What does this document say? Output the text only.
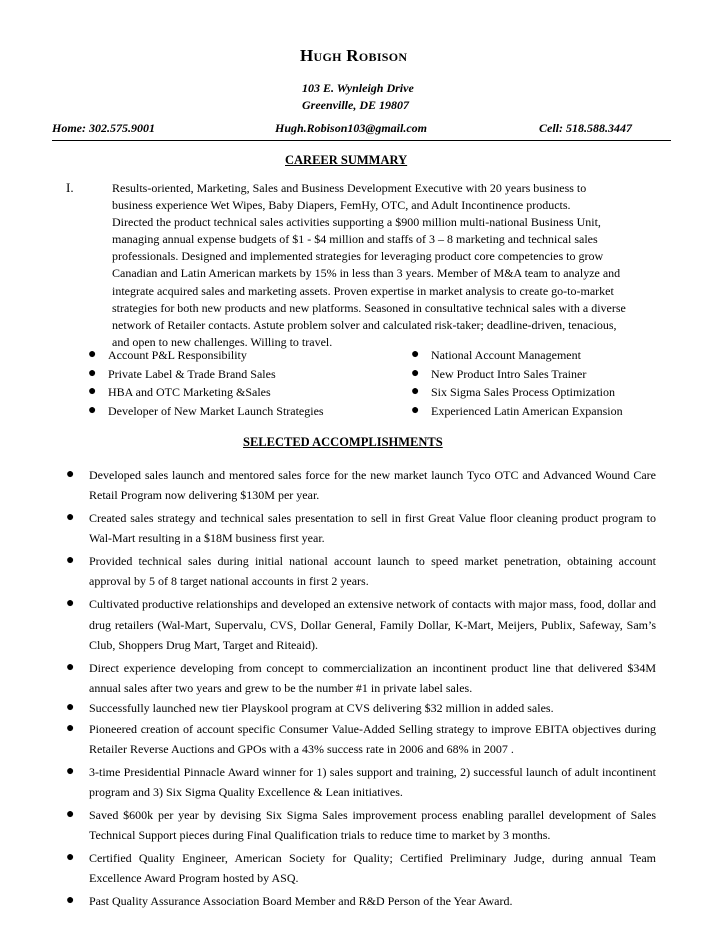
Hugh Robison
103 E. Wynleigh Drive
Greenville, DE 19807
Home: 302.575.9001	Hugh.Robison103@gmail.com	Cell: 518.588.3447
CAREER SUMMARY
I.	Results-oriented, Marketing, Sales and Business Development Executive with 20 years business to
business experience Wet Wipes, Baby Diapers, FemHy, OTC, and Adult Incontinence products.
Directed the product technical sales activities supporting a $900 million multi-national Business Unit,
managing annual expense budgets of $1 - $4 million and staffs of 3 – 8 marketing and technical sales
professionals. Designed and implemented strategies for leveraging product core competencies to grow
Canadian and Latin American markets by 15% in less than 3 years. Member of M&A team to analyze and
integrate acquired sales and marketing assets. Proven expertise in market analysis to create go-to-market
strategies for both new products and new platforms. Seasoned in consultative technical sales with a diverse
network of Retailer contacts. Astute problem solver and calculated risk-taker; deadline-driven, tenacious,
and open to new challenges. Willing to travel.
● Account P&L Responsibility
● Private Label & Trade Brand Sales
● HBA and OTC Marketing &Sales
● Developer of New Market Launch Strategies
● National Account Management
● New Product Intro Sales Trainer
● Six Sigma Sales Process Optimization
● Experienced Latin American Expansion
SELECTED ACCOMPLISHMENTS
● Developed sales launch and mentored sales force for the new market launch Tyco OTC and Advanced Wound Care Retail Program now delivering $130M per year.
● Created sales strategy and technical sales presentation to sell in first Great Value floor cleaning product program to Wal-Mart resulting in a $18M business first year.
● Provided technical sales during initial national account launch to speed market penetration, obtaining account approval by 5 of 8 target national accounts in first 2 years.
● Cultivated productive relationships and developed an extensive network of contacts with major mass, food, dollar and drug retailers (Wal-Mart, Supervalu, CVS, Dollar General, Family Dollar, K-Mart, Meijers, Publix, Safeway, Sam’s Club, Shoppers Drug Mart, Target and Riteaid).
● Direct experience developing from concept to commercialization an incontinent product line that delivered $34M annual sales after two years and grew to be the number #1 in private label sales.
● Successfully launched new tier Playskool program at CVS delivering $32 million in added sales.
● Pioneered creation of account specific Consumer Value-Added Selling strategy to improve EBITA objectives during Retailer Reverse Auctions and GPOs with a 43% success rate in 2006 and 68% in 2007 .
● 3-time Presidential Pinnacle Award winner for 1) sales support and training, 2) successful launch of adult incontinent program and 3) Six Sigma Quality Excellence & Lean initiatives.
● Saved $600k per year by devising Six Sigma Sales improvement process enabling parallel development of Sales Technical Support pieces during Final Qualification trials to reduce time to market by 3 months.
● Certified Quality Engineer, American Society for Quality; Certified Preliminary Judge, during annual Team Excellence Award Program hosted by ASQ.
● Past Quality Assurance Association Board Member and R&D Person of the Year Award.
